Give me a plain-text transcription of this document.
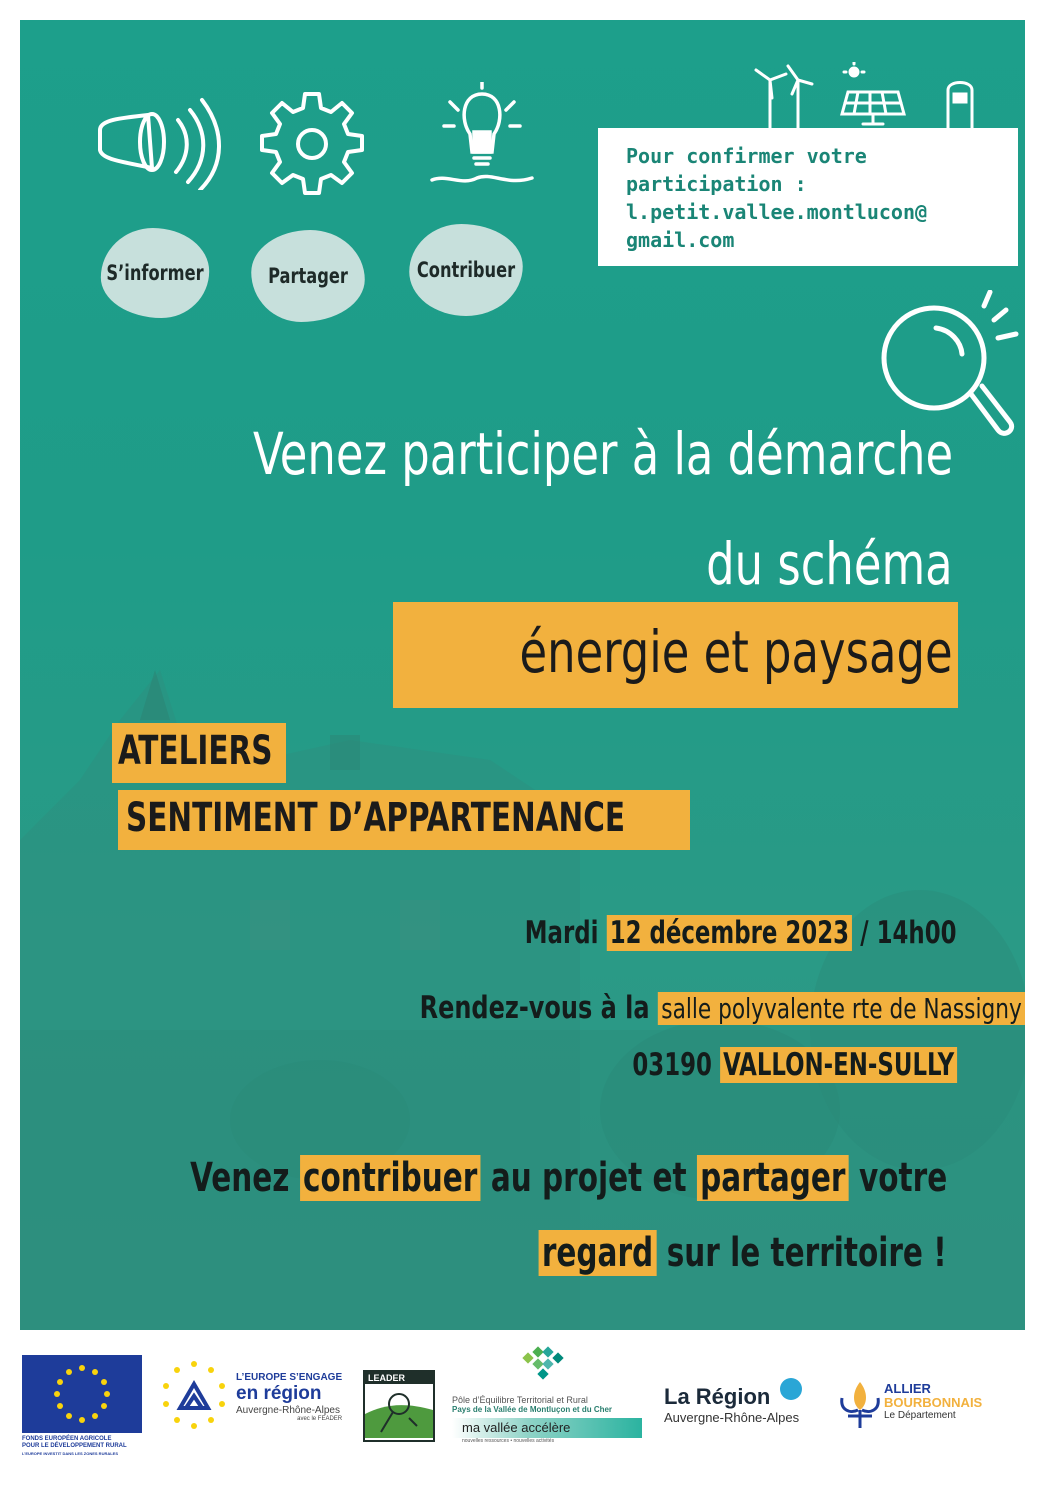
S’informer	Partager	Contribuer
Pour confirmer votre
participation :
l.petit.vallee.montlucon@
gmail.com
Venez participer à la démarche
du schéma
énergie et paysage
ATELIERS
SENTIMENT D’APPARTENANCE
Mardi 12 décembre 2023 / 14h00
Rendez-vous à la salle polyvalente rte de Nassigny
03190 VALLON-EN-SULLY
Venez contribuer au projet et partager votre
regard sur le territoire !
FONDS EUROPÉEN AGRICOLE
POUR LE DÉVELOPPEMENT RURAL
L’EUROPE INVESTIT DANS LES ZONES RURALES
L’EUROPE S’ENGAGE
en région
Auvergne-Rhône-Alpes
avec le FEADER
LEADER
Pôle d’Équilibre Territorial et Rural
Pays de la Vallée de Montluçon et du Cher
ma vallée accélère
nouvelles ressources • nouvelles activités
La Région
Auvergne-Rhône-Alpes
ALLIER
BOURBONNAIS
Le Département
